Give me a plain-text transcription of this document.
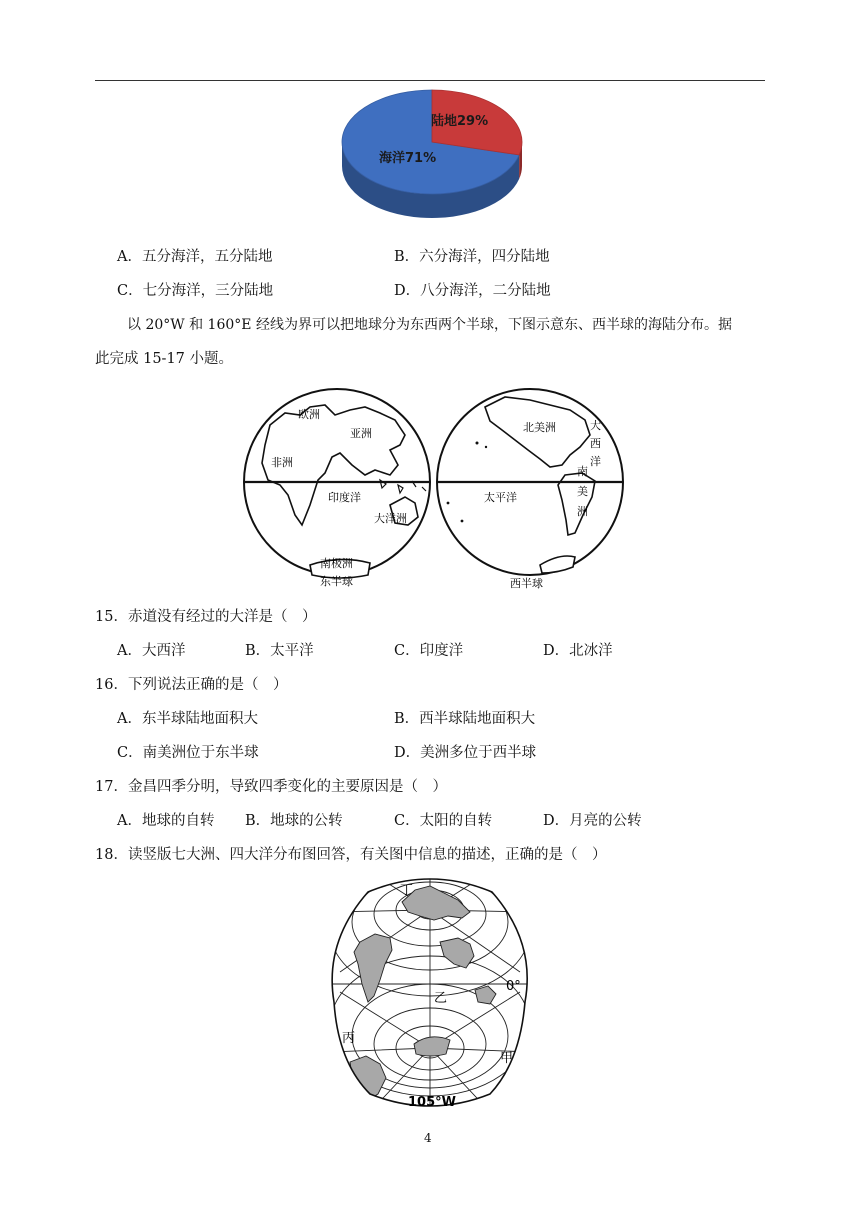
海洋71%
陆地29%
A．五分海洋，五分陆地	B．六分海洋，四分陆地
C．七分海洋，三分陆地	D．八分海洋，二分陆地
以 20°W 和 160°E 经线为界可以把地球分为东西两个半球，下图示意东、西半球的海陆分布。据
此完成 15-17 小题。
欧洲
亚洲
非洲
印度洋
大洋洲
南极洲
东半球
北美洲
太平洋
大
西
洋
南
美
洲
西半球
15．赤道没有经过的大洋是（　）
A．大西洋	B．太平洋	C．印度洋	D．北冰洋
16．下列说法正确的是（　）
A．东半球陆地面积大	B．西半球陆地面积大
C．南美洲位于东半球	D．美洲多位于西半球
17．金昌四季分明，导致四季变化的主要原因是（　）
A．地球的自转 B．地球的公转	C．太阳的自转	D．月亮的公转
18．读竖版七大洲、四大洋分布图回答，有关图中信息的描述，正确的是（　）
丁
乙
0°
丙
甲
105°W
4
